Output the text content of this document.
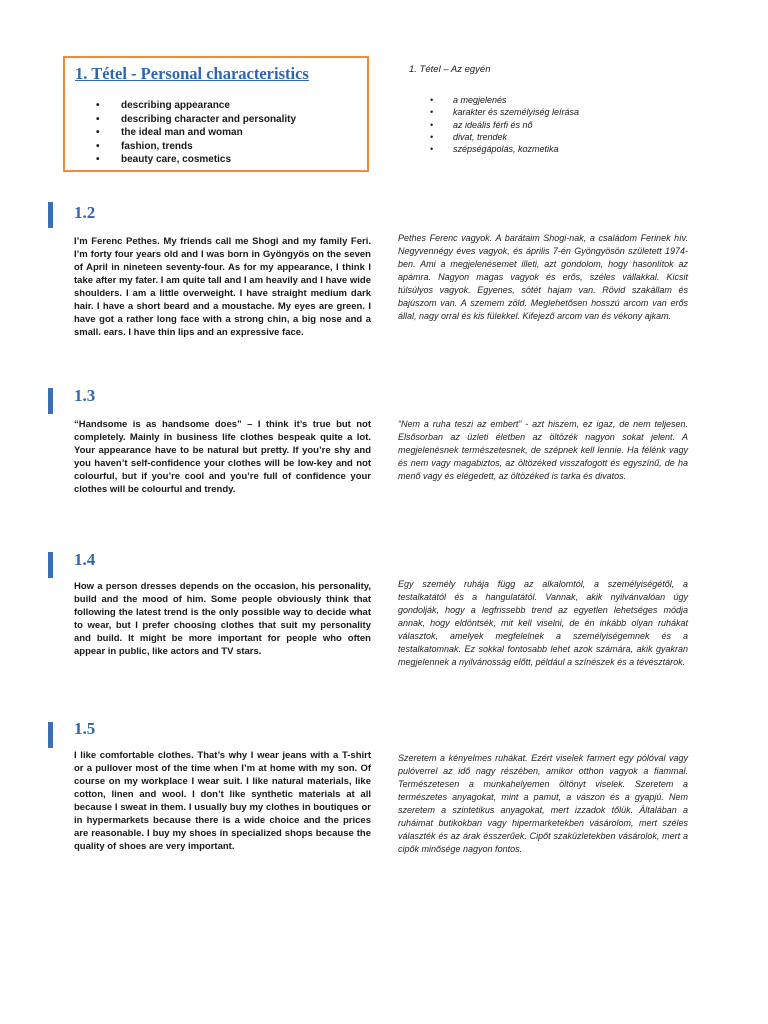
1. Tétel - Personal characteristics
• describing appearance
• describing character and personality
• the ideal man and woman
• fashion, trends
• beauty care, cosmetics

1. Tétel – Az egyén

• a megjelenés
• karakter és személyiség leírása
• az ideális férfi és nő
• divat, trendek
• szépségápolás, kozmetika
1.2

I’m Ferenc Pethes. My friends call me Shogi and my family Feri. I’m forty four years old and I was born in Gyöngyös on the seven of April in nineteen seventy-four. As for my appearance, I think I take after my fater. I am quite tall and I am heavily and I have wide shoulders. I am a little overweight. I have straight medium dark hair. I have a short beard and a moustache. My eyes are green. I have got a rather long face with a strong chin, a big nose and a small. ears. I have thin lips and an expressive face.

Pethes Ferenc vagyok. A barátaim Shogi-nak, a családom Ferinek hív. Negyvennégy éves vagyok, és április 7-én Gyöngyösön született 1974-ben. Ami a megjelenésemet illeti, azt gondolom, hogy hasonlítok az apámra. Nagyon magas vagyok és erős, széles vállakkal. Kicsit túlsúlyos vagyok. Egyenes, sötét hajam van. Rövid szakállam és bajúszom van. A szemem zöld. Meglehetősen hosszú arcom van erős állal, nagy orral és kis fülekkel. Kifejező arcom van és vékony ajkam.

1.3

“Handsome is as handsome does” – I think it’s true but not completely. Mainly in business life clothes bespeak quite a lot. Your appearance have to be natural but pretty. If you’re shy and you haven’t self-confidence your clothes will be low-key and not colourful, but if you’re cool and you’re full of confidence your clothes will be colourful and trendy.

“Nem a ruha teszi az embert” - azt hiszem, ez igaz, de nem teljesen. Elsősorban az üzleti életben az öltözék nagyon sokat jelent. A megjelenésnek természetesnek, de szépnek kell lennie. Ha félénk vagy és nem vagy magabiztos, az öltözéked visszafogott és egyszínű, de ha menő vagy és elégedett, az öltözéked is tarka és divatos.

1.4

How a person dresses depends on the occasion, his personality, build and the mood of him. Some people obviously think that following the latest trend is the only possible way to decide what to wear, but I prefer choosing clothes that suit my personality and build. It might be more important for people who often appear in public, like actors and TV stars.

Egy személy ruhája függ az alkalomtól, a személyiségétől, a testalkatától és a hangulatától. Vannak, akik nyilvánvalóan úgy gondolják, hogy a legfrissebb trend az egyetlen lehetséges módja annak, hogy eldöntsék, mit kell viselni, de én inkább olyan ruhákat választok, amelyek megfelelnek a személyiségemnek és a testalkatomnak. Ez sokkal fontosabb lehet azok számára, akik gyakran megjelennek a nyilvánosság előtt, például a színészek és a tévésztárok.

1.5

I like comfortable clothes. That’s why I wear jeans with a T-shirt or a pullover most of the time when I’m at home with my son. Of course on my workplace I wear suit. I like natural materials, like cotton, linen and wool. I don’t like synthetic materials at all because I sweat in them. I usually buy my clothes in boutiques or in hypermarkets because there is a wide choice and the prices are reasonable. I buy my shoes in specialized shops because the quality of shoes are very important.

Szeretem a kényelmes ruhákat. Ezért viselek farmert egy pólóval vagy pulóverrel az idő nagy részében, amikor otthon vagyok a fiammal. Természetesen a munkahelyemen öltönyt viselek. Szeretem a természetes anyagokat, mint a pamut, a vászon és a gyapjú. Nem szeretem a szintetikus anyagokat, mert izzadok tőlük. Általában a ruháimat butikokban vagy hipermarketekben vásárolom, mert széles választék és az árak ésszerűek. Cipőt szaküzletekben vásárolok, mert a cipők minősége nagyon fontos.
